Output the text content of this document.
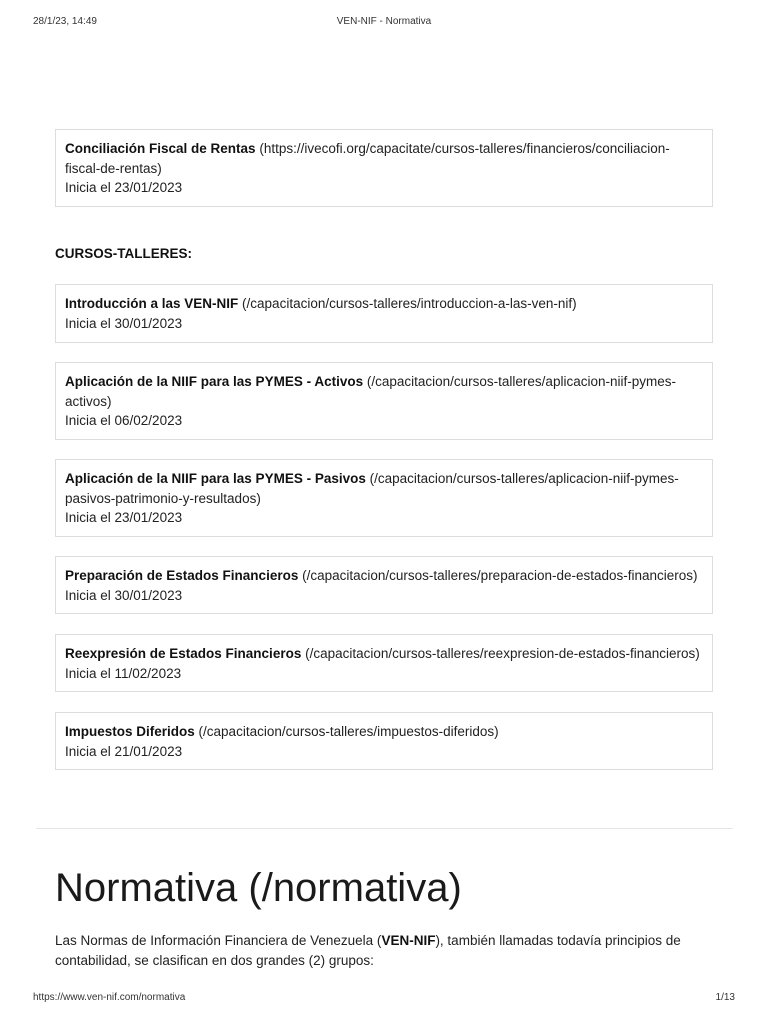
28/1/23, 14:49	VEN-NIF - Normativa
Conciliación Fiscal de Rentas (https://ivecofi.org/capacitate/cursos-talleres/financieros/conciliacion-fiscal-de-rentas)
Inicia el 23/01/2023
CURSOS-TALLERES:
Introducción a las VEN-NIF (/capacitacion/cursos-talleres/introduccion-a-las-ven-nif)
Inicia el 30/01/2023
Aplicación de la NIIF para las PYMES - Activos (/capacitacion/cursos-talleres/aplicacion-niif-pymes-activos)
Inicia el 06/02/2023
Aplicación de la NIIF para las PYMES - Pasivos (/capacitacion/cursos-talleres/aplicacion-niif-pymes-pasivos-patrimonio-y-resultados)
Inicia el 23/01/2023
Preparación de Estados Financieros (/capacitacion/cursos-talleres/preparacion-de-estados-financieros)
Inicia el 30/01/2023
Reexpresión de Estados Financieros (/capacitacion/cursos-talleres/reexpresion-de-estados-financieros)
Inicia el 11/02/2023
Impuestos Diferidos (/capacitacion/cursos-talleres/impuestos-diferidos)
Inicia el 21/01/2023
Normativa (/normativa)

Las Normas de Información Financiera de Venezuela (VEN-NIF), también llamadas todavía principios de contabilidad, se clasifican en dos grandes (2) grupos:

https://www.ven-nif.com/normativa	1/13
